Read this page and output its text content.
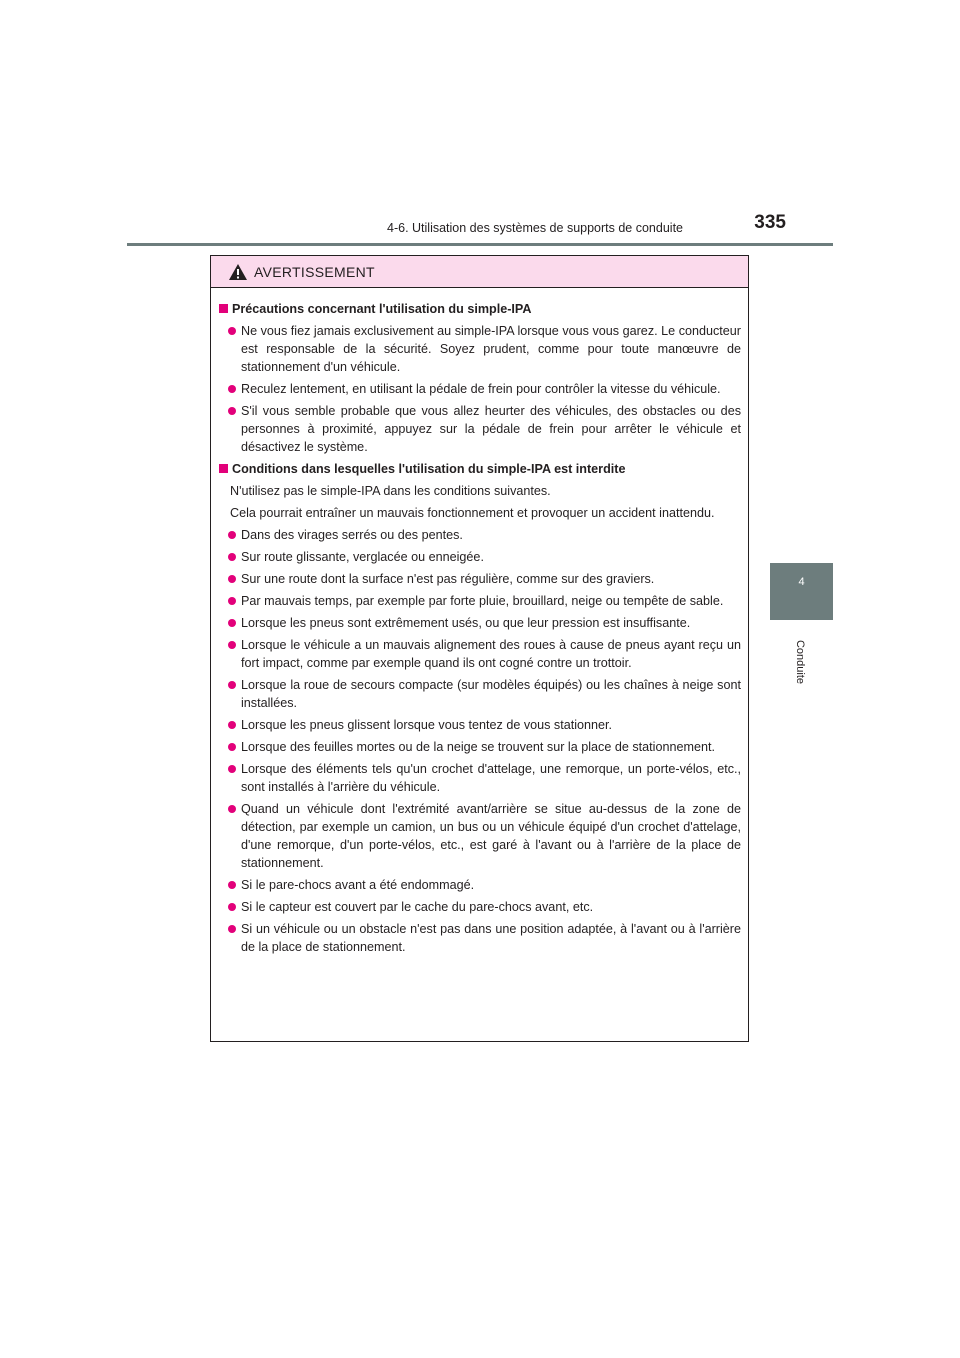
4-6. Utilisation des systèmes de supports de conduite	335
4
Conduite
AVERTISSEMENT
Précautions concernant l'utilisation du simple-IPA
Ne vous fiez jamais exclusivement au simple-IPA lorsque vous vous garez. Le conducteur est responsable de la sécurité. Soyez prudent, comme pour toute manœuvre de stationnement d'un véhicule.
Reculez lentement, en utilisant la pédale de frein pour contrôler la vitesse du véhicule.
S'il vous semble probable que vous allez heurter des véhicules, des obstacles ou des personnes à proximité, appuyez sur la pédale de frein pour arrêter le véhicule et désactivez le système.
Conditions dans lesquelles l'utilisation du simple-IPA est interdite
N'utilisez pas le simple-IPA dans les conditions suivantes.
Cela pourrait entraîner un mauvais fonctionnement et provoquer un accident inattendu.
Dans des virages serrés ou des pentes.
Sur route glissante, verglacée ou enneigée.
Sur une route dont la surface n'est pas régulière, comme sur des graviers.
Par mauvais temps, par exemple par forte pluie, brouillard, neige ou tempête de sable.
Lorsque les pneus sont extrêmement usés, ou que leur pression est insuffisante.
Lorsque le véhicule a un mauvais alignement des roues à cause de pneus ayant reçu un fort impact, comme par exemple quand ils ont cogné contre un trottoir.
Lorsque la roue de secours compacte (sur modèles équipés) ou les chaînes à neige sont installées.
Lorsque les pneus glissent lorsque vous tentez de vous stationner.
Lorsque des feuilles mortes ou de la neige se trouvent sur la place de stationnement.
Lorsque des éléments tels qu'un crochet d'attelage, une remorque, un porte-vélos, etc., sont installés à l'arrière du véhicule.
Quand un véhicule dont l'extrémité avant/arrière se situe au-dessus de la zone de détection, par exemple un camion, un bus ou un véhicule équipé d'un crochet d'attelage, d'une remorque, d'un porte-vélos, etc., est garé à l'avant ou à l'arrière de la place de stationnement.
Si le pare-chocs avant a été endommagé.
Si le capteur est couvert par le cache du pare-chocs avant, etc.
Si un véhicule ou un obstacle n'est pas dans une position adaptée, à l'avant ou à l'arrière de la place de stationnement.
